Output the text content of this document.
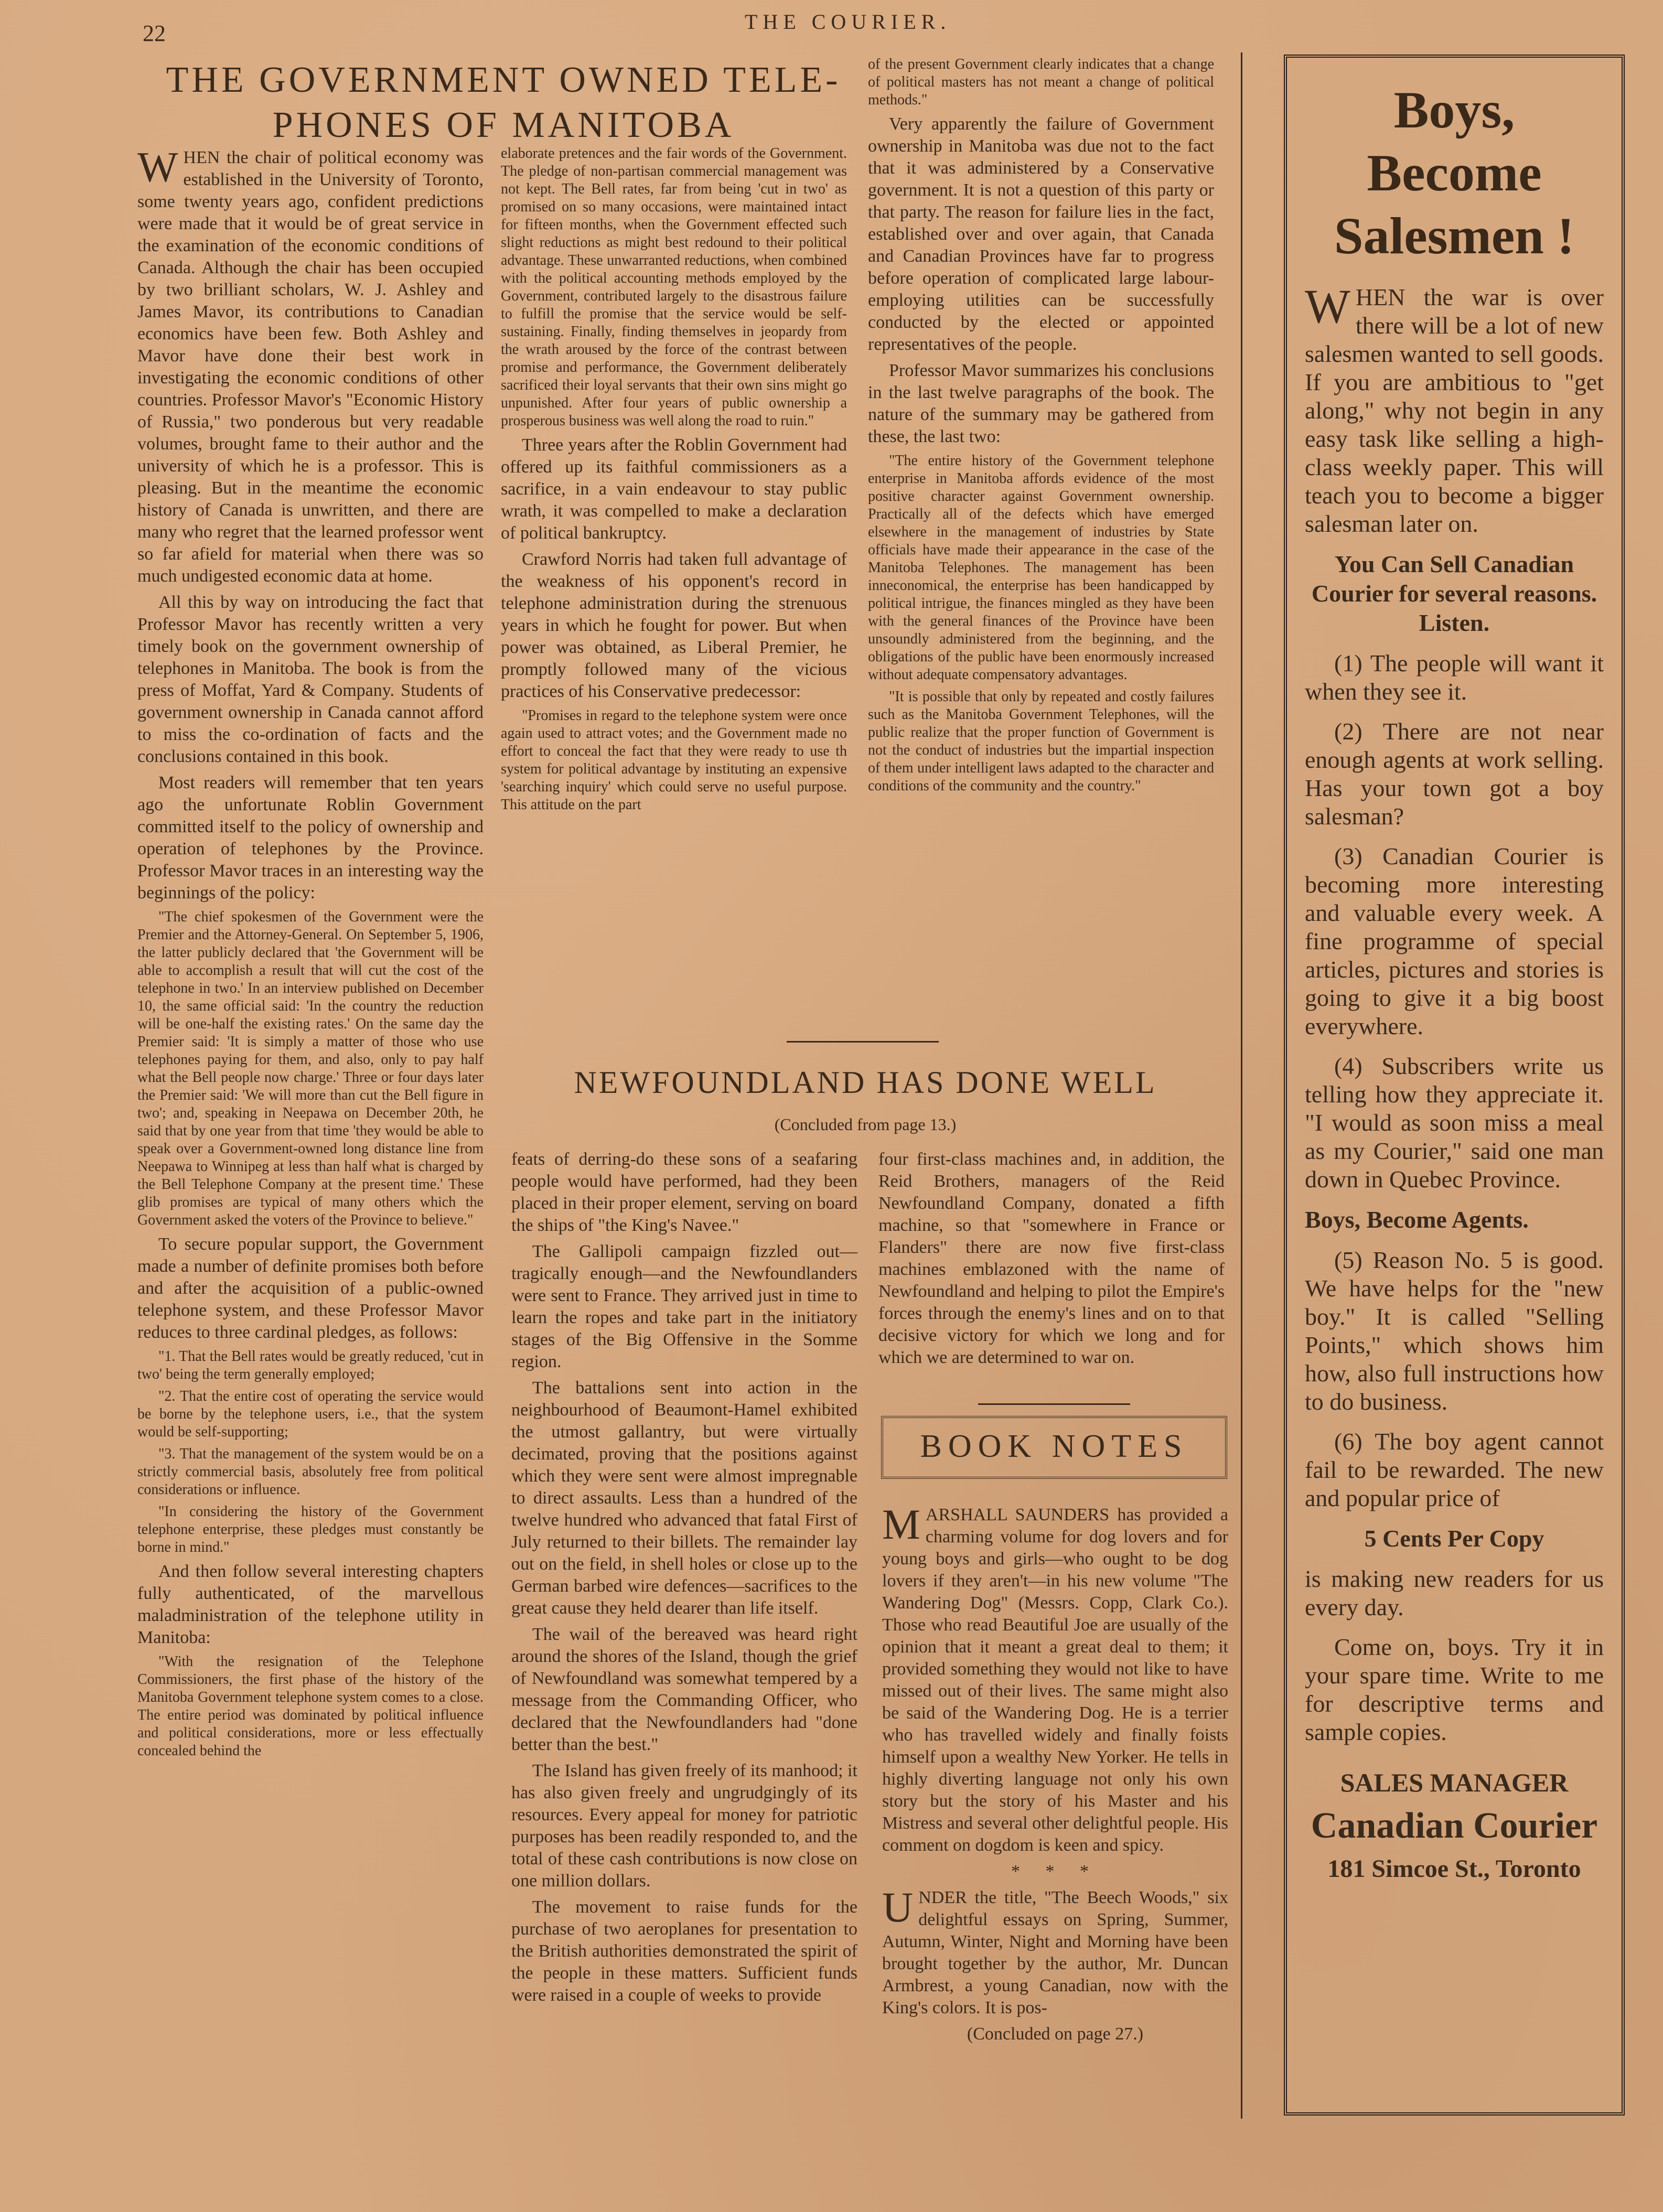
22	THE COURIER.
THE GOVERNMENT OWNED TELE-
PHONES OF MANITOBA

WHEN the chair of political economy was established in the University of Toronto, some twenty years ago, confident predictions were made that it would be of great service in the examination of the economic conditions of Canada. Although the chair has been occupied by two brilliant scholars, W. J. Ashley and James Mavor, its contributions to Canadian economics have been few. Both Ashley and Mavor have done their best work in investigating the economic conditions of other countries. Professor Mavor's "Economic History of Russia," two ponderous but very readable volumes, brought fame to their author and the university of which he is a professor. This is pleasing. But in the meantime the economic history of Canada is unwritten, and there are many who regret that the learned professor went so far afield for material when there was so much undigested economic data at home.

All this by way on introducing the fact that Professor Mavor has recently written a very timely book on the government ownership of telephones in Manitoba. The book is from the press of Moffat, Yard & Company. Students of government ownership in Canada cannot afford to miss the co-ordination of facts and the conclusions contained in this book.

Most readers will remember that ten years ago the unfortunate Roblin Government committed itself to the policy of ownership and operation of telephones by the Province. Professor Mavor traces in an interesting way the beginnings of the policy:

"The chief spokesmen of the Government were the Premier and the Attorney-General. On September 5, 1906, the latter publicly declared that 'the Government will be able to accomplish a result that will cut the cost of the telephone in two.' In an interview published on December 10, the same official said: 'In the country the reduction will be one-half the existing rates.' On the same day the Premier said: 'It is simply a matter of those who use telephones paying for them, and also, only to pay half what the Bell people now charge.' Three or four days later the Premier said: 'We will more than cut the Bell figure in two'; and, speaking in Neepawa on December 20th, he said that by one year from that time 'they would be able to speak over a Government-owned long distance line from Neepawa to Winnipeg at less than half what is charged by the Bell Telephone Company at the present time.' These glib promises are typical of many others which the Government asked the voters of the Province to believe."

To secure popular support, the Government made a number of definite promises both before and after the acquisition of a public-owned telephone system, and these Professor Mavor reduces to three cardinal pledges, as follows:

"1. That the Bell rates would be greatly reduced, 'cut in two' being the term generally employed;

"2. That the entire cost of operating the service would be borne by the telephone users, i.e., that the system would be self-supporting;

"3. That the management of the system would be on a strictly commercial basis, absolutely free from political considerations or influence.

"In considering the history of the Government telephone enterprise, these pledges must constantly be borne in mind."

And then follow several interesting chapters fully authenticated, of the marvellous maladministration of the telephone utility in Manitoba:

"With the resignation of the Telephone Commissioners, the first phase of the history of the Manitoba Government telephone system comes to a close. The entire period was dominated by political influence and political considerations, more or less effectually concealed behind the

elaborate pretences and the fair words of the Government. The pledge of non-partisan commercial management was not kept. The Bell rates, far from being 'cut in two' as promised on so many occasions, were maintained intact for fifteen months, when the Government effected such slight reductions as might best redound to their political advantage. These unwarranted reductions, when combined with the political accounting methods employed by the Government, contributed largely to the disastrous failure to fulfill the promise that the service would be self-sustaining. Finally, finding themselves in jeopardy from the wrath aroused by the force of the contrast between promise and performance, the Government deliberately sacrificed their loyal servants that their own sins might go unpunished. After four years of public ownership a prosperous business was well along the road to ruin."

Three years after the Roblin Government had offered up its faithful commissioners as a sacrifice, in a vain endeavour to stay public wrath, it was compelled to make a declaration of political bankruptcy.

Crawford Norris had taken full advantage of the weakness of his opponent's record in telephone administration during the strenuous years in which he fought for power. But when power was obtained, as Liberal Premier, he promptly followed many of the vicious practices of his Conservative predecessor:

"Promises in regard to the telephone system were once again used to attract votes; and the Government made no effort to conceal the fact that they were ready to use th system for political advantage by instituting an expensive 'searching inquiry' which could serve no useful purpose. This attitude on the part

of the present Government clearly indicates that a change of political masters has not meant a change of political methods."

Very apparently the failure of Government ownership in Manitoba was due not to the fact that it was administered by a Conservative government. It is not a question of this party or that party. The reason for failure lies in the fact, established over and over again, that Canada and Canadian Provinces have far to progress before operation of complicated large labour-employing utilities can be successfully conducted by the elected or appointed representatives of the people.

Professor Mavor summarizes his conclusions in the last twelve paragraphs of the book. The nature of the summary may be gathered from these, the last two:

"The entire history of the Government telephone enterprise in Manitoba affords evidence of the most positive character against Government ownership. Practically all of the defects which have emerged elsewhere in the management of industries by State officials have made their appearance in the case of the Manitoba Telephones. The management has been inneconomical, the enterprise has been handicapped by political intrigue, the finances mingled as they have been with the general finances of the Province have been unsoundly administered from the beginning, and the obligations of the public have been enormously increased without adequate compensatory advantages.

"It is possible that only by repeated and costly failures such as the Manitoba Government Telephones, will the public realize that the proper function of Government is not the conduct of industries but the impartial inspection of them under intelligent laws adapted to the character and conditions of the community and the country."

NEWFOUNDLAND HAS DONE WELL
(Concluded from page 13.)

feats of derring-do these sons of a seafaring people would have performed, had they been placed in their proper element, serving on board the ships of "the King's Navee."

The Gallipoli campaign fizzled out—tragically enough—and the Newfoundlanders were sent to France. They arrived just in time to learn the ropes and take part in the initiatory stages of the Big Offensive in the Somme region.

The battalions sent into action in the neighbourhood of Beaumont-Hamel exhibited the utmost gallantry, but were virtually decimated, proving that the positions against which they were sent were almost impregnable to direct assaults. Less than a hundred of the twelve hundred who advanced that fatal First of July returned to their billets. The remainder lay out on the field, in shell holes or close up to the German barbed wire defences—sacrifices to the great cause they held dearer than life itself.

The wail of the bereaved was heard right around the shores of the Island, though the grief of Newfoundland was somewhat tempered by a message from the Commanding Officer, who declared that the Newfoundlanders had "done better than the best."

The Island has given freely of its manhood; it has also given freely and ungrudgingly of its resources. Every appeal for money for patriotic purposes has been readily responded to, and the total of these cash contributions is now close on one million dollars.

The movement to raise funds for the purchase of two aeroplanes for presentation to the British authorities demonstrated the spirit of the people in these matters. Sufficient funds were raised in a couple of weeks to provide

four first-class machines and, in addition, the Reid Brothers, managers of the Reid Newfoundland Company, donated a fifth machine, so that "somewhere in France or Flanders" there are now five first-class machines emblazoned with the name of Newfoundland and helping to pilot the Empire's forces through the enemy's lines and on to that decisive victory for which we long and for which we are determined to war on.

BOOK NOTES

MARSHALL SAUNDERS has provided a charming volume for dog lovers and for young boys and girls—who ought to be dog lovers if they aren't—in his new volume "The Wandering Dog" (Messrs. Copp, Clark Co.). Those who read Beautiful Joe are usually of the opinion that it meant a great deal to them; it provided something they would not like to have missed out of their lives. The same might also be said of the Wandering Dog. He is a terrier who has travelled widely and finally foists himself upon a wealthy New Yorker. He tells in highly diverting language not only his own story but the story of his Master and his Mistress and several other delightful people. His comment on dogdom is keen and spicy.

* * *

UNDER the title, "The Beech Woods," six delightful essays on Spring, Summer, Autumn, Winter, Night and Morning have been brought together by the author, Mr. Duncan Armbrest, a young Canadian, now with the King's colors. It is pos-

(Concluded on page 27.)

Boys, Become
Salesmen !

WHEN the war is over there will be a lot of new salesmen wanted to sell goods. If you are ambitious to "get along," why not begin in any easy task like selling a high-class weekly paper. This will teach you to become a bigger salesman later on.

You Can Sell Canadian Courier for several reasons. Listen.

(1) The people will want it when they see it.

(2) There are not near enough agents at work selling. Has your town got a boy salesman?

(3) Canadian Courier is becoming more interesting and valuable every week. A fine programme of special articles, pictures and stories is going to give it a big boost everywhere.

(4) Subscribers write us telling how they appreciate it. "I would as soon miss a meal as my Courier," said one man down in Quebec Province.

Boys, Become Agents.

(5) Reason No. 5 is good. We have helps for the "new boy." It is called "Selling Points," which shows him how, also full instructions how to do business.

(6) The boy agent cannot fail to be rewarded. The new and popular price of

5 Cents Per Copy

is making new readers for us every day.

Come on, boys. Try it in your spare time. Write to me for descriptive terms and sample copies.

SALES MANAGER
Canadian Courier
181 Simcoe St., Toronto
